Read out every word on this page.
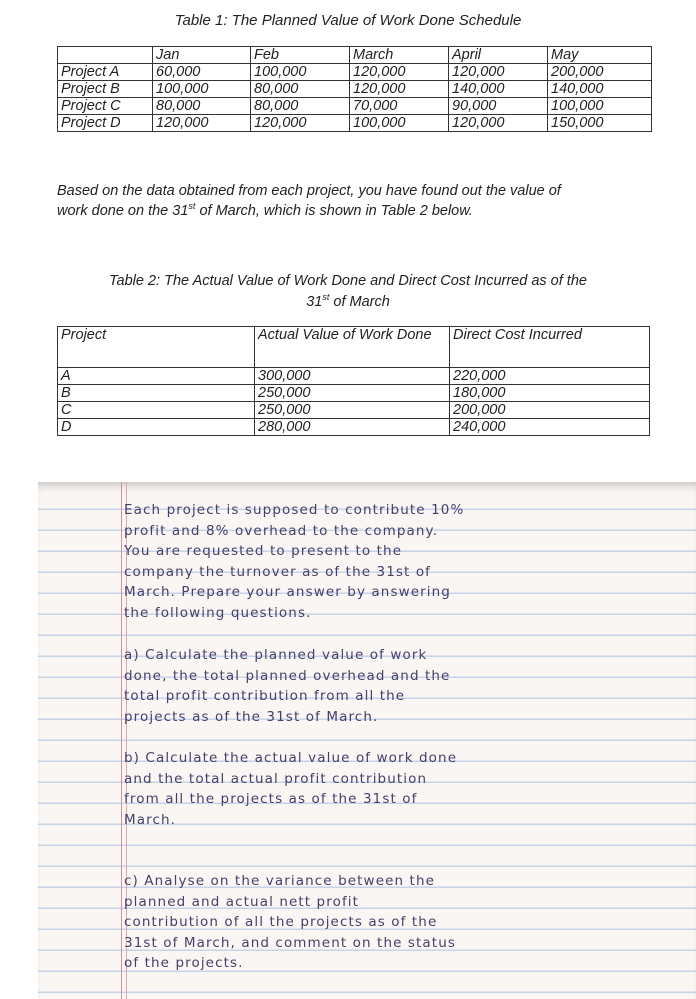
Table 1: The Planned Value of Work Done Schedule
	Jan	Feb	March	April	May
Project A	60,000	100,000	120,000	120,000	200,000
Project B	100,000	80,000	120,000	140,000	140,000
Project C	80,000	80,000	70,000	90,000	100,000
Project D	120,000	120,000	100,000	120,000	150,000
Based on the data obtained from each project, you have found out the value of
work done on the 31st of March, which is shown in Table 2 below.
Table 2: The Actual Value of Work Done and Direct Cost Incurred as of the
31st of March
Project	Actual Value of Work Done	Direct Cost Incurred
A	300,000	220,000
B	250,000	180,000
C	250,000	200,000
D	280,000	240,000
Each project is supposed to contribute 10%
profit and 8% overhead to the company.
You are requested to present to the
company the turnover as of the 31st of
March. Prepare your answer by answering
the following questions.
a) Calculate the planned value of work
done, the total planned overhead and the
total profit contribution from all the
projects as of the 31st of March.
b) Calculate the actual value of work done
and the total actual profit contribution
from all the projects as of the 31st of
March.
c) Analyse on the variance between the
planned and actual nett profit
contribution of all the projects as of the
31st of March, and comment on the status
of the projects.
